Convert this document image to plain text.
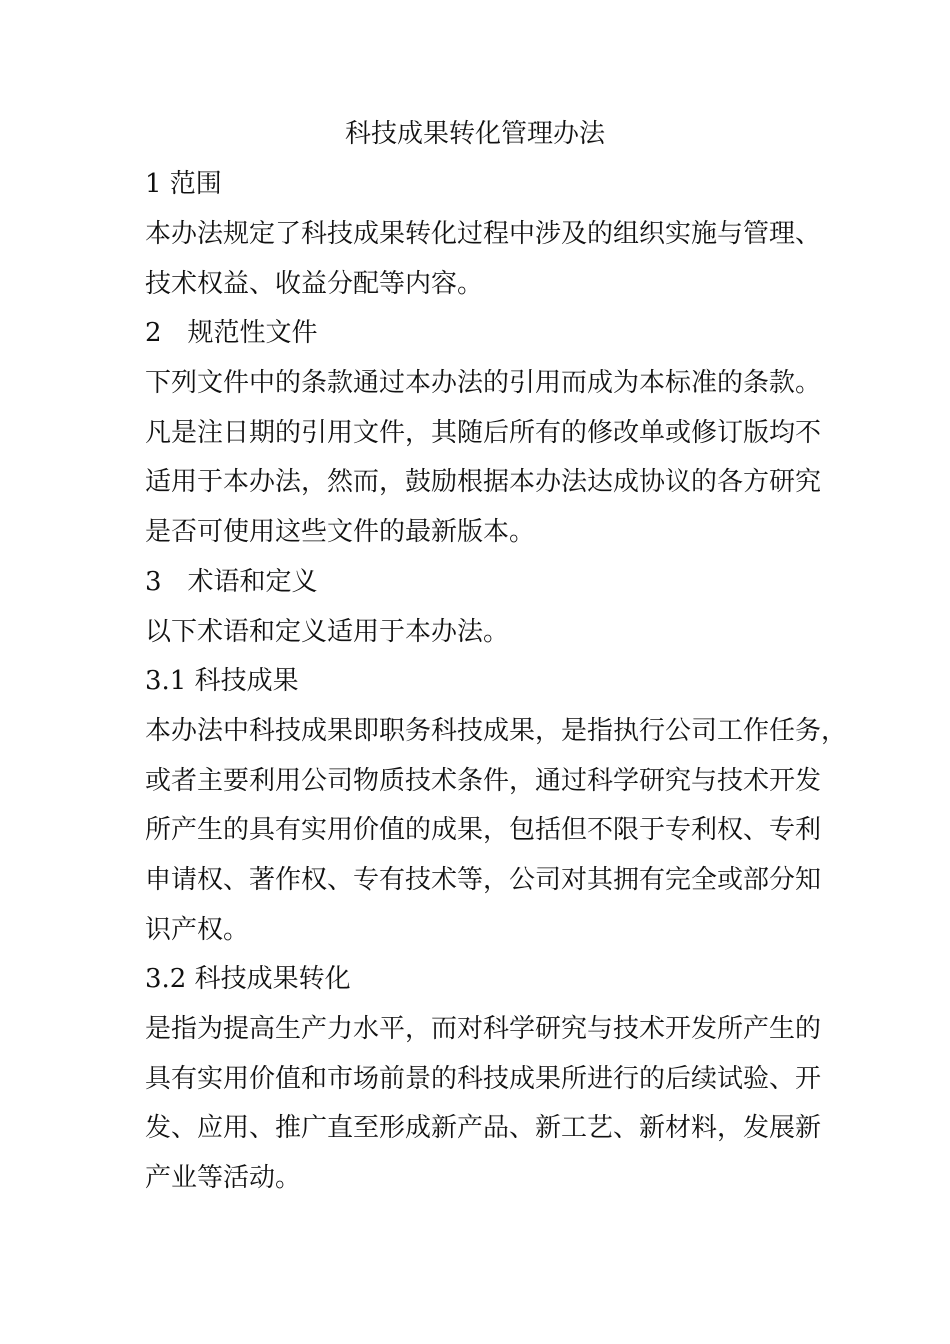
科技成果转化管理办法
1 范围
本办法规定了科技成果转化过程中涉及的组织实施与管理、
技术权益、收益分配等内容。
2　规范性文件
下列文件中的条款通过本办法的引用而成为本标准的条款。
凡是注日期的引用文件，其随后所有的修改单或修订版均不
适用于本办法，然而，鼓励根据本办法达成协议的各方研究
是否可使用这些文件的最新版本。
3　术语和定义
以下术语和定义适用于本办法。
3.1 科技成果
本办法中科技成果即职务科技成果，是指执行公司工作任务，
或者主要利用公司物质技术条件，通过科学研究与技术开发
所产生的具有实用价值的成果，包括但不限于专利权、专利
申请权、著作权、专有技术等，公司对其拥有完全或部分知
识产权。
3.2 科技成果转化
是指为提高生产力水平，而对科学研究与技术开发所产生的
具有实用价值和市场前景的科技成果所进行的后续试验、开
发、应用、推广直至形成新产品、新工艺、新材料，发展新
产业等活动。
